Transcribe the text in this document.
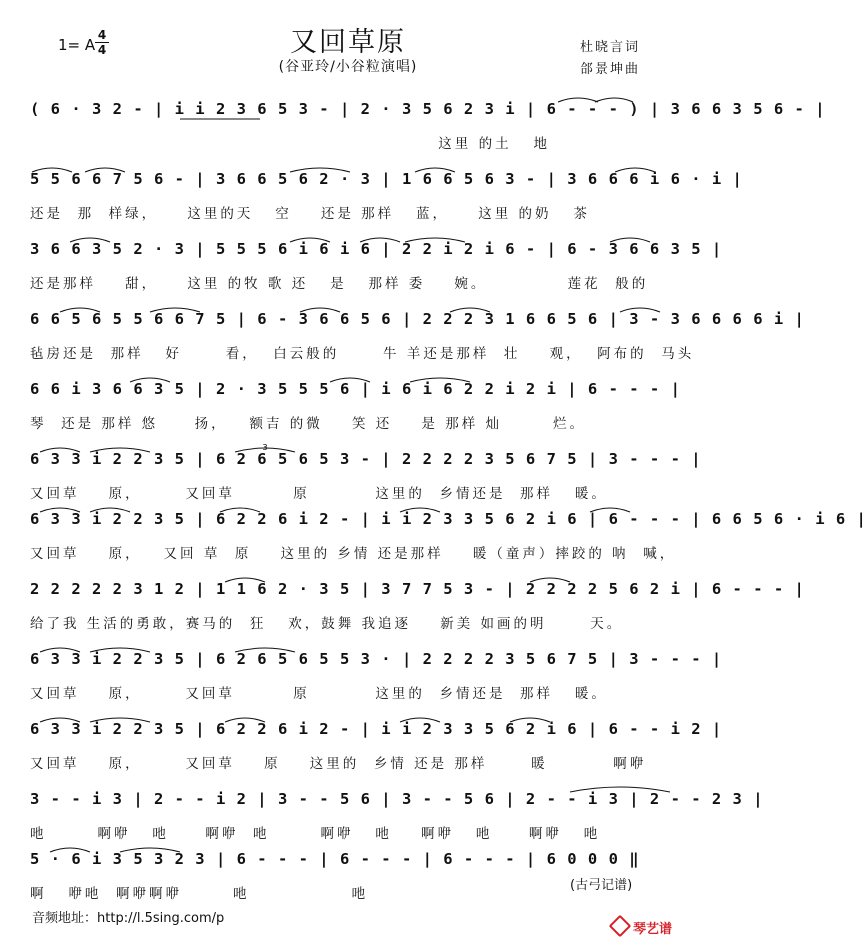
1= A
4
4	又回草原
(谷亚玲/小谷粒演唱)
杜晓言词
郃景坤曲
( 6 · 3 2 - | i i 2 3 6 5 3 - | 2 · 3 5 6 2 3 i | 6 - - - ) | 3 6 6 3 5 6 - |
这里 的土   地
5 5 6 6 7 5 6 - | 3 6 6 5 6 2 · 3 | 1 6 6 5 6 3 - | 3 6 6 6 i 6 · i |
还是  那  样绿，    这里的天   空    还是 那样   蓝，    这里 的奶   茶
3 6 6 3 5 2 · 3 | 5 5 5 6 i 6 i 6 | 2 2 i 2 i 6 - | 6 - 3 6 6 3 5 |
还是那样    甜，    这里 的牧 歌 还   是   那样 委    婉。           莲花  般的
6 6 5 6 5 5 6 6 7 5 | 6 - 3 6 6 5 6 | 2 2 2 3 1 6 6 5 6 | 3 - 3 6 6 6 6 i |
毡房还是  那样   好      看，  白云般的      牛 羊还是那样  壮    观，  阿布的  马头
6 6 i 3 6 6 3 5 | 2 · 3 5 5 5 6 | i 6 i 6 2 2 i 2 i | 6 - - - |
琴  还是 那样 悠     扬，   额吉 的微    笑 还    是 那样 灿       烂。
6 3 3 i 2 2 3 5 | 6 2 6 5 6 5 3 - | 2 2 2 2 3 5 6 7 5 | 3 - - - |
3
又回草    原，      又回草        原         这里的  乡情还是  那样   暖。
6 3 3 i 2 2 3 5 | 6 2 2 6 i 2 - | i i 2 3 3 5 6 2 i 6 | 6 - - - | 6 6 5 6 · i 6 |
又回草    原，   又回 草  原    这里的 乡情 还是那样    暖（童声）摔跤的 呐  喊，
2 2 2 2 2 3 1 2 | 1 1 6 2 · 3 5 | 3 7 7 5 3 - | 2 2 2 2 5 6 2 i | 6 - - - |
给了我 生活的勇敢，赛马的  狂   欢，鼓舞 我追逐    新美 如画的明      天。
6 3 3 i 2 2 3 5 | 6 2 6 5 6 5 5 3 · | 2 2 2 2 3 5 6 7 5 | 3 - - - |
又回草    原，      又回草        原         这里的  乡情还是  那样   暖。
6 3 3 i 2 2 3 5 | 6 2 2 6 i 2 - | i i 2 3 3 5 6 2 i 6 | 6 - - i 2 |
又回草    原，      又回草    原    这里的  乡情 还是 那样      暖         啊咿
3 - - i 3 | 2 - - i 2 | 3 - - 5 6 | 3 - - 5 6 | 2 - - i 3 | 2 - - 2 3 |
吔       啊咿   吔     啊咿  吔       啊咿   吔    啊咿   吔     啊咿   吔
5 · 6 i 3 5 3 2 3 | 6 - - - | 6 - - - | 6 - - - | 6 0 0 0 ‖
啊   咿吔  啊咿啊咿       吔              吔
(古弓记谱)
音频地址：http://l.5sing.com/p
琴艺谱
